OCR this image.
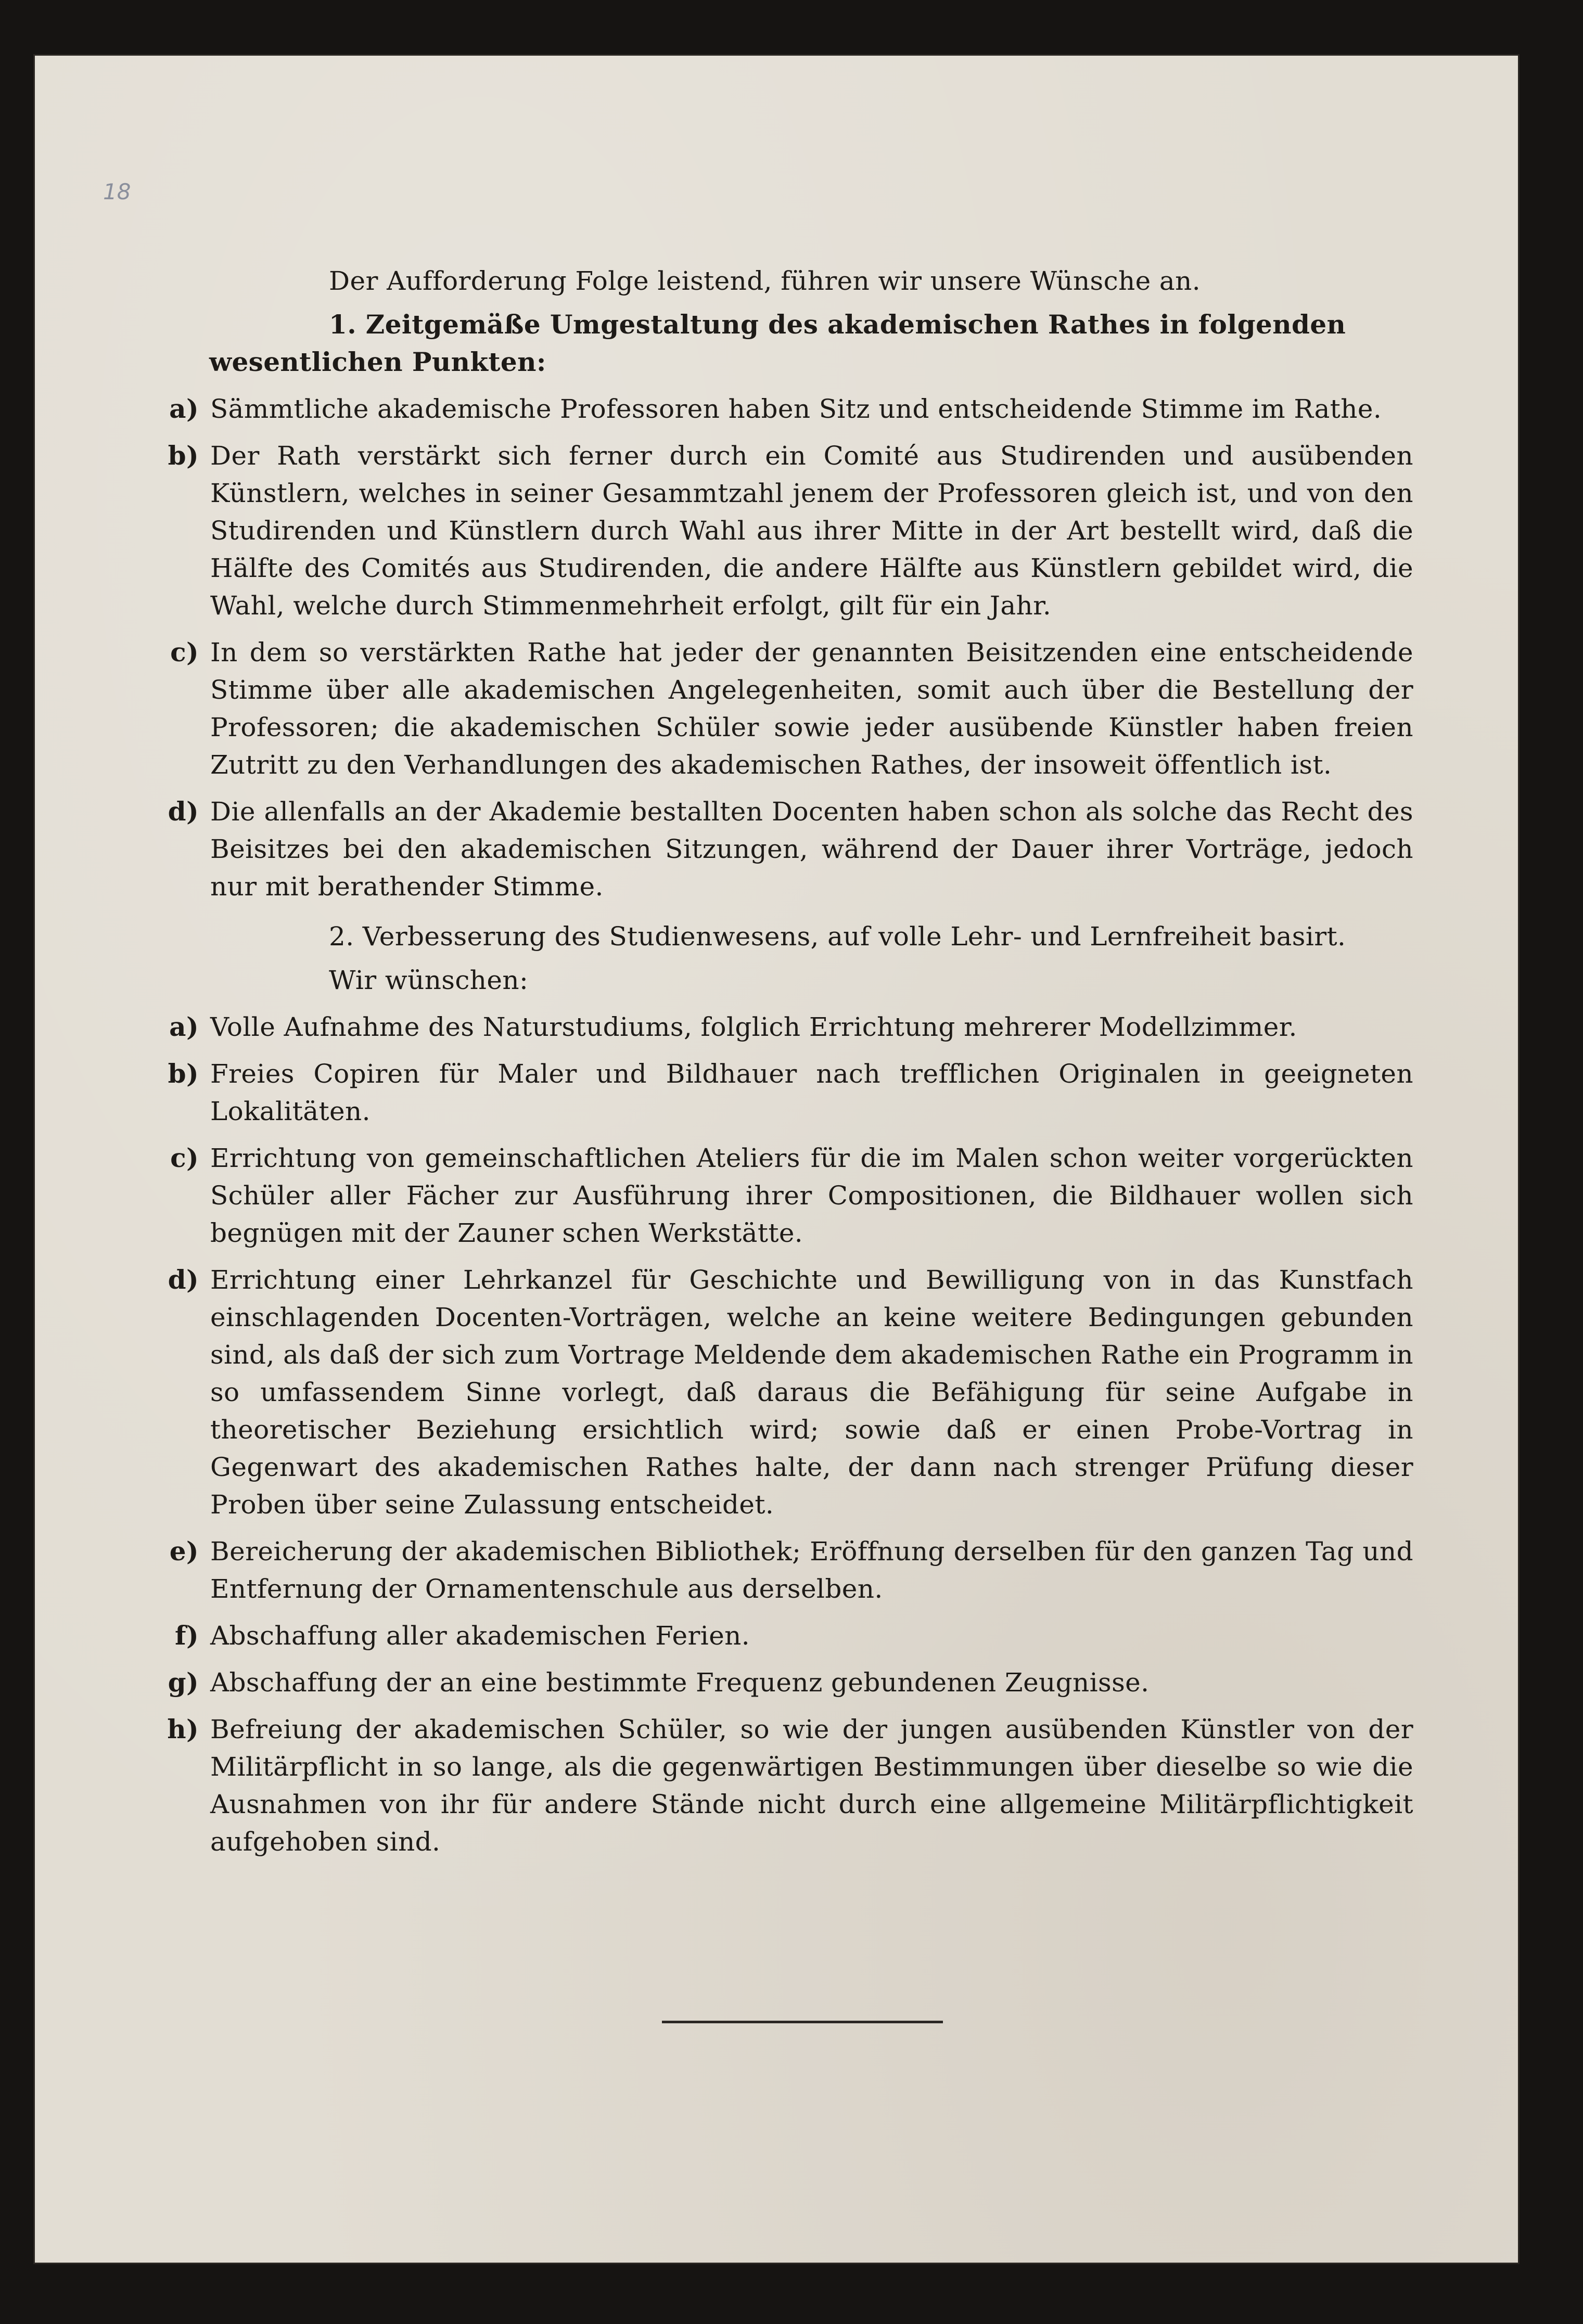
18

Der Aufforderung Folge leistend, führen wir unsere Wünsche an.

1. Zeitgemäße Umgestaltung des akademischen Rathes in folgenden wesentlichen Punkten:

a) Sämmtliche akademische Professoren haben Sitz und entscheidende Stimme im Rathe.
b) Der Rath verstärkt sich ferner durch ein Comité aus Studirenden und ausübenden Künstlern, welches in seiner Gesammtzahl jenem der Professoren gleich ist, und von den Studirenden und Künstlern durch Wahl aus ihrer Mitte in der Art bestellt wird, daß die Hälfte des Comités aus Studirenden, die andere Hälfte aus Künstlern gebildet wird, die Wahl, welche durch Stimmenmehrheit erfolgt, gilt für ein Jahr.
c) In dem so verstärkten Rathe hat jeder der genannten Beisitzenden eine entscheidende Stimme über alle akademischen Angelegenheiten, somit auch über die Bestellung der Professoren; die akademischen Schüler sowie jeder ausübende Künstler haben freien Zutritt zu den Verhandlungen des akademischen Rathes, der insoweit öffentlich ist.
d) Die allenfalls an der Akademie bestallten Docenten haben schon als solche das Recht des Beisitzes bei den akademischen Sitzungen, während der Dauer ihrer Vorträge, jedoch nur mit berathender Stimme.

2. Verbesserung des Studienwesens, auf volle Lehr- und Lernfreiheit basirt.

Wir wünschen:

a) Volle Aufnahme des Naturstudiums, folglich Errichtung mehrerer Modellzimmer.
b) Freies Copiren für Maler und Bildhauer nach trefflichen Originalen in geeigneten Lokalitäten.
c) Errichtung von gemeinschaftlichen Ateliers für die im Malen schon weiter vorgerückten Schüler aller Fächer zur Ausführung ihrer Compositionen, die Bildhauer wollen sich begnügen mit der Zauner schen Werkstätte.
d) Errichtung einer Lehrkanzel für Geschichte und Bewilligung von in das Kunstfach einschlagenden Docenten-Vorträgen, welche an keine weitere Bedingungen gebunden sind, als daß der sich zum Vortrage Meldende dem akademischen Rathe ein Programm in so umfassendem Sinne vorlegt, daß daraus die Befähigung für seine Aufgabe in theoretischer Beziehung ersichtlich wird; sowie daß er einen Probe-Vortrag in Gegenwart des akademischen Rathes halte, der dann nach strenger Prüfung dieser Proben über seine Zulassung entscheidet.
e) Bereicherung der akademischen Bibliothek; Eröffnung derselben für den ganzen Tag und Entfernung der Ornamentenschule aus derselben.
f) Abschaffung aller akademischen Ferien.
g) Abschaffung der an eine bestimmte Frequenz gebundenen Zeugnisse.
h) Befreiung der akademischen Schüler, so wie der jungen ausübenden Künstler von der Militärpflicht in so lange, als die gegenwärtigen Bestimmungen über dieselbe so wie die Ausnahmen von ihr für andere Stände nicht durch eine allgemeine Militärpflichtigkeit aufgehoben sind.
